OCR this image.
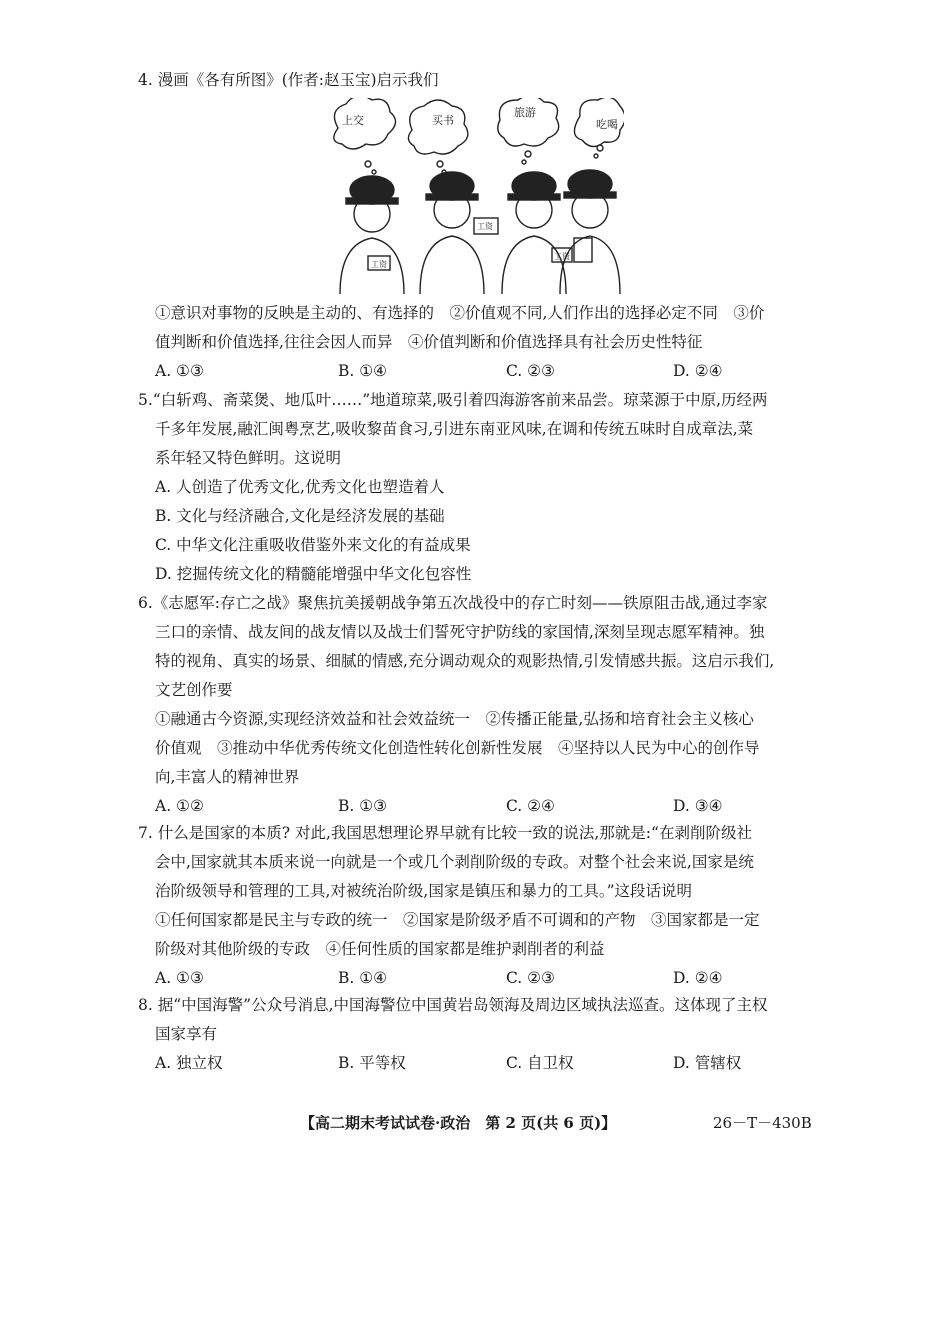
4. 漫画《各有所图》(作者:赵玉宝)启示我们
上交	买书
旅游
吃喝
工资
工资
工资
①意识对事物的反映是主动的、有选择的　②价值观不同,人们作出的选择必定不同　③价
值判断和价值选择,往往会因人而异　④价值判断和价值选择具有社会历史性特征
A. ①③	B. ①④	C. ②③	D. ②④
5.“白斩鸡、斋菜煲、地瓜叶……”地道琼菜,吸引着四海游客前来品尝。琼菜源于中原,历经两
千多年发展,融汇闽粤烹艺,吸收黎苗食习,引进东南亚风味,在调和传统五味时自成章法,菜
系年轻又特色鲜明。这说明
A. 人创造了优秀文化,优秀文化也塑造着人
B. 文化与经济融合,文化是经济发展的基础
C. 中华文化注重吸收借鉴外来文化的有益成果
D. 挖掘传统文化的精髓能增强中华文化包容性
6.《志愿军:存亡之战》聚焦抗美援朝战争第五次战役中的存亡时刻——铁原阻击战,通过李家
三口的亲情、战友间的战友情以及战士们誓死守护防线的家国情,深刻呈现志愿军精神。独
特的视角、真实的场景、细腻的情感,充分调动观众的观影热情,引发情感共振。这启示我们,
文艺创作要
①融通古今资源,实现经济效益和社会效益统一　②传播正能量,弘扬和培育社会主义核心
价值观　③推动中华优秀传统文化创造性转化创新性发展　④坚持以人民为中心的创作导
向,丰富人的精神世界
A. ①②	B. ①③	C. ②④	D. ③④
7. 什么是国家的本质? 对此,我国思想理论界早就有比较一致的说法,那就是:“在剥削阶级社
会中,国家就其本质来说一向就是一个或几个剥削阶级的专政。对整个社会来说,国家是统
治阶级领导和管理的工具,对被统治阶级,国家是镇压和暴力的工具。”这段话说明
①任何国家都是民主与专政的统一　②国家是阶级矛盾不可调和的产物　③国家都是一定
阶级对其他阶级的专政　④任何性质的国家都是维护剥削者的利益
A. ①③	B. ①④	C. ②③	D. ②④
8. 据“中国海警”公众号消息,中国海警位中国黄岩岛领海及周边区域执法巡查。这体现了主权
国家享有
A. 独立权	B. 平等权	C. 自卫权	D. 管辖权
【高二期末考试试卷·政治　第 2 页(共 6 页)】	26－T－430B
